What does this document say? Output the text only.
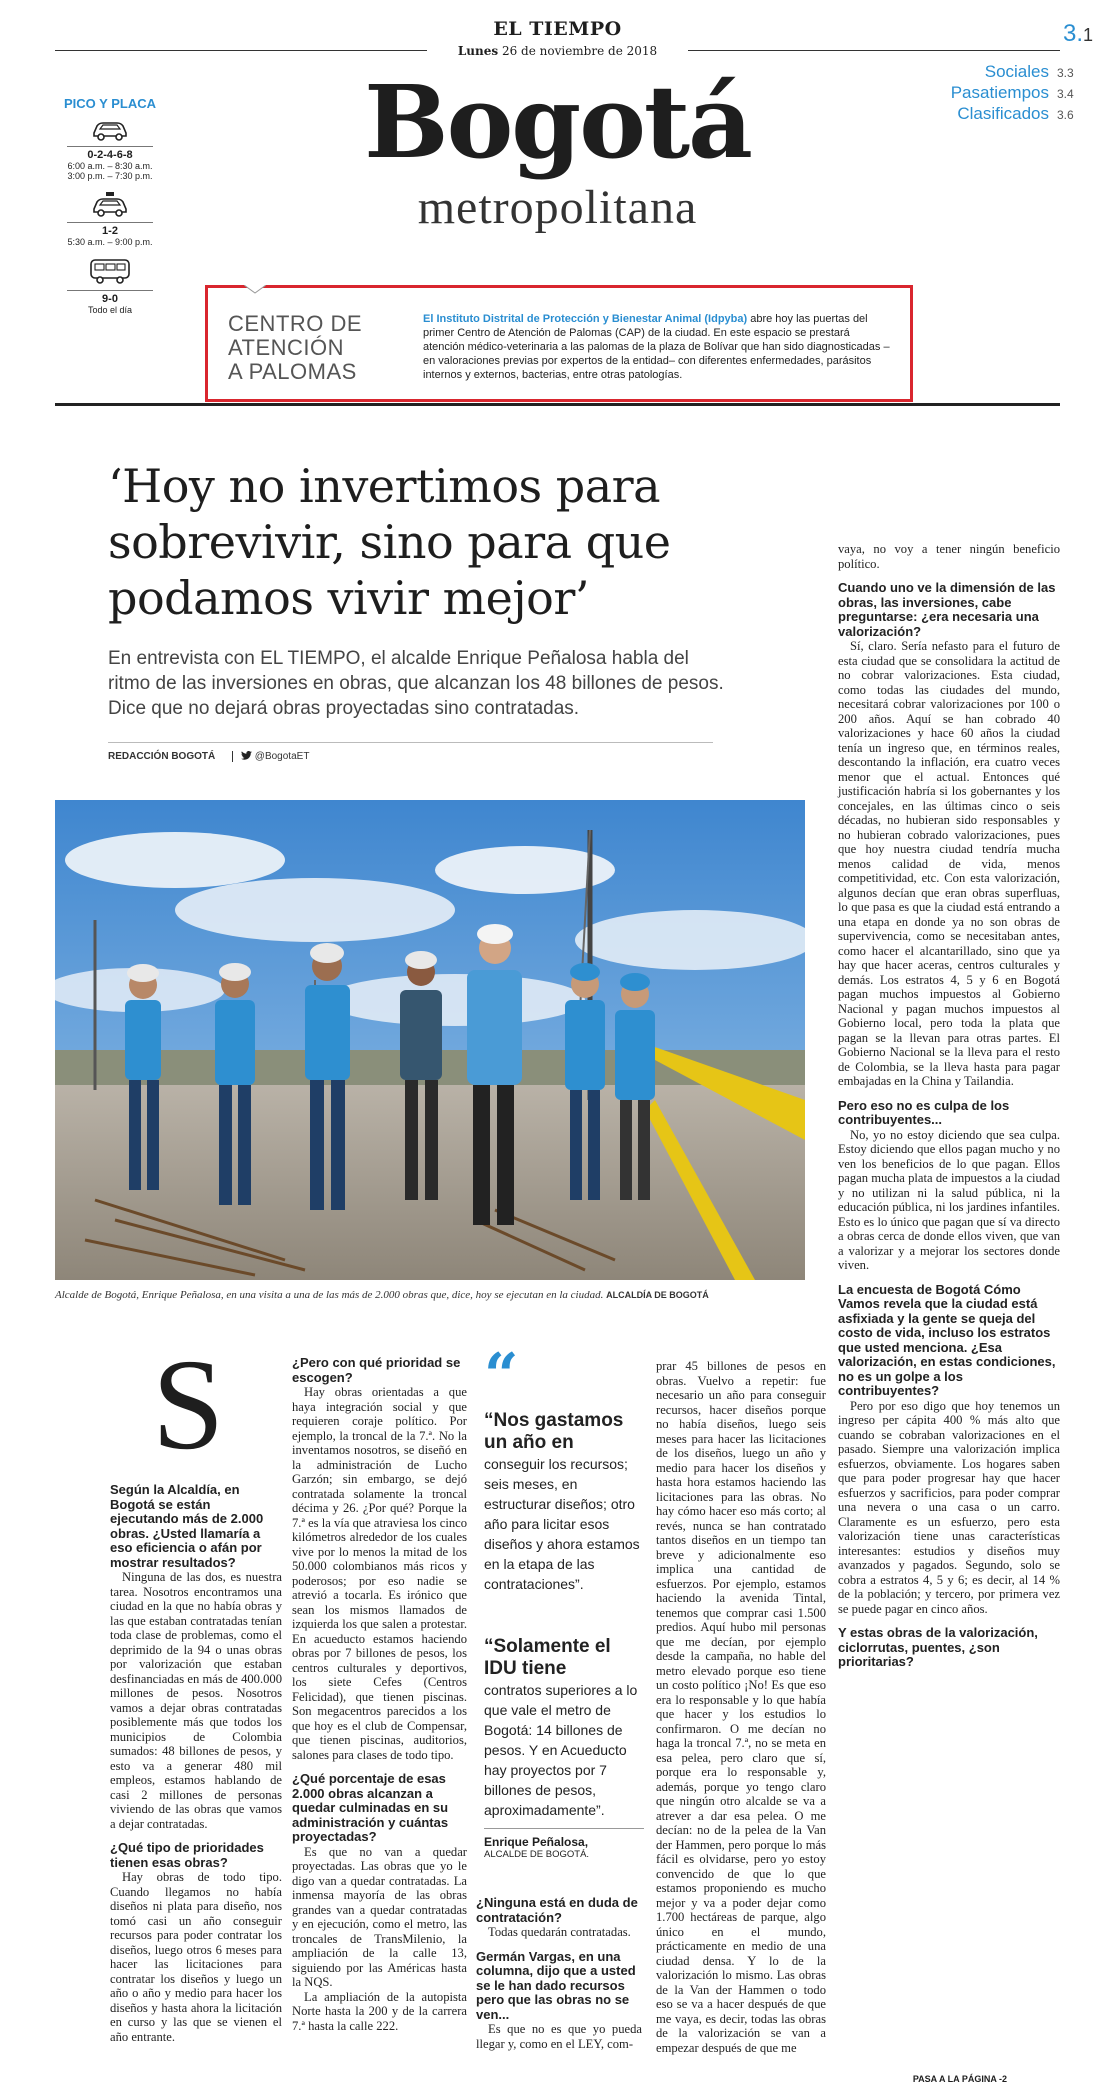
EL TIEMPO
Lunes 26 de noviembre de 2018
3.1
Sociales 3.3
Pasatiempos 3.4
Clasificados 3.6
Bogotá
metropolitana
PICO Y PLACA
0-2-4-6-8
6:00 a.m. – 8:30 a.m.
3:00 p.m. – 7:30 p.m.
1-2
5:30 a.m. – 9:00 p.m.
9-0
Todo el día
CENTRO DE
ATENCIÓN
A PALOMAS
El Instituto Distrital de Protección y Bienestar Animal (Idpyba) abre hoy las puertas del primer Centro de Atención de Palomas (CAP) de la ciudad. En este espacio se prestará atención médico-veterinaria a las palomas de la plaza de Bolívar que han sido diagnosticadas –en valoraciones previas por expertos de la entidad– con diferentes enfermedades, parásitos internos y externos, bacterias, entre otras patologías.
‘Hoy no invertimos para sobrevivir, sino para que podamos vivir mejor’
En entrevista con EL TIEMPO, el alcalde Enrique Peñalosa habla del ritmo de las inversiones en obras, que alcanzan los 48 billones de pesos. Dice que no dejará obras proyectadas sino contratadas.
REDACCIÓN BOGOTÁ	@BogotaET
Alcalde de Bogotá, Enrique Peñalosa, en una visita a una de las más de 2.000 obras que, dice, hoy se ejecutan en la ciudad. ALCALDÍA DE BOGOTÁ
vaya, no voy a tener ningún beneficio político.
Cuando uno ve la dimensión de las obras, las inversiones, cabe preguntarse: ¿era necesaria una valorización?

Sí, claro. Sería nefasto para el futuro de esta ciudad que se consolidara la actitud de no cobrar valorizaciones. Esta ciudad, como todas las ciudades del mundo, necesitará cobrar valorizaciones por 100 o 200 años. Aquí se han cobrado 40 valorizaciones y hace 60 años la ciudad tenía un ingreso que, en términos reales, descontando la inflación, era cuatro veces menor que el actual. Entonces qué justificación habría si los gobernantes y los concejales, en las últimas cinco o seis décadas, no hubieran sido responsables y no hubieran cobrado valorizaciones, pues que hoy nuestra ciudad tendría mucha menos calidad de vida, menos competitividad, etc. Con esta valorización, algunos decían que eran obras superfluas, lo que pasa es que la ciudad está entrando a una etapa en donde ya no son obras de supervivencia, como se necesitaban antes, como hacer el alcantarillado, sino que ya hay que hacer aceras, centros culturales y demás. Los estratos 4, 5 y 6 en Bogotá pagan muchos impuestos al Gobierno Nacional y pagan muchos impuestos al Gobierno local, pero toda la plata que pagan se la llevan para otras partes. El Gobierno Nacional se la lleva para el resto de Colombia, se la lleva hasta para pagar embajadas en la China y Tailandia.

Pero eso no es culpa de los contribuyentes...

No, yo no estoy diciendo que sea culpa. Estoy diciendo que ellos pagan mucho y no ven los beneficios de lo que pagan. Ellos pagan mucha plata de impuestos a la ciudad y no utilizan ni la salud pública, ni la educación pública, ni los jardines infantiles. Esto es lo único que pagan que sí va directo a obras cerca de donde ellos viven, que van a valorizar y a mejorar los sectores donde viven.

La encuesta de Bogotá Cómo Vamos revela que la ciudad está asfixiada y la gente se queja del costo de vida, incluso los estratos que usted menciona. ¿Esa valorización, en estas condiciones, no es un golpe a los contribuyentes?

Pero por eso digo que hoy tenemos un ingreso per cápita 400 % más alto que cuando se cobraban valorizaciones en el pasado. Siempre una valorización implica esfuerzos, obviamente. Los hogares saben que para poder progresar hay que hacer esfuerzos y sacrificios, para poder comprar una nevera o una casa o un carro. Claramente es un esfuerzo, pero esta valorización tiene unas características interesantes: estudios y diseños muy avanzados y pagados. Segundo, solo se cobra a estratos 4, 5 y 6; es decir, al 14 % de la población; y tercero, por primera vez se puede pagar en cinco años.

Y estas obras de la valorización, ciclorrutas, puentes, ¿son prioritarias?
S
Según la Alcaldía, en Bogotá se están ejecutando más de 2.000 obras. ¿Usted llamaría a eso eficiencia o afán por mostrar resultados?

Ninguna de las dos, es nuestra tarea. Nosotros encontramos una ciudad en la que no había obras y las que estaban contratadas tenían toda clase de problemas, como el deprimido de la 94 o unas obras por valorización que estaban desfinanciadas en más de 400.000 millones de pesos. Nosotros vamos a dejar obras contratadas posiblemente más que todos los municipios de Colombia sumados: 48 billones de pesos, y esto va a generar 480 mil empleos, estamos hablando de casi 2 millones de personas viviendo de las obras que vamos a dejar contratadas.

¿Qué tipo de prioridades tienen esas obras?

Hay obras de todo tipo. Cuando llegamos no había diseños ni plata para diseño, nos tomó casi un año conseguir recursos para poder contratar los diseños, luego otros 6 meses para hacer las licitaciones para contratar los diseños y luego un año o año y medio para hacer los diseños y hasta ahora la licitación en curso y las que se vienen el año entrante.

¿Pero con qué prioridad se escogen?

Hay obras orientadas a que haya integración social y que requieren coraje político. Por ejemplo, la troncal de la 7.ª. No la inventamos nosotros, se diseñó en la administración de Lucho Garzón; sin embargo, se dejó contratada solamente la troncal décima y 26. ¿Por qué? Porque la 7.ª es la vía que atraviesa los cinco kilómetros alrededor de los cuales vive por lo menos la mitad de los 50.000 colombianos más ricos y poderosos; por eso nadie se atrevió a tocarla. Es irónico que sean los mismos llamados de izquierda los que salen a protestar. En acueducto estamos haciendo obras por 7 billones de pesos, los centros culturales y deportivos, los siete Cefes (Centros Felicidad), que tienen piscinas. Son megacentros parecidos a los que hoy es el club de Compensar, que tienen piscinas, auditorios, salones para clases de todo tipo.

¿Qué porcentaje de esas 2.000 obras alcanzan a quedar culminadas en su administración y cuántas proyectadas?

Es que no van a quedar proyectadas. Las obras que yo le digo van a quedar contratadas. La inmensa mayoría de las obras grandes van a quedar contratadas y en ejecución, como el metro, las troncales de TransMilenio, la ampliación de la calle 13, siguiendo por las Américas hasta la NQS.

La ampliación de la autopista Norte hasta la 200 y de la carrera 7.ª hasta la calle 222.

“
“Nos gastamos un año en
conseguir los recursos; seis meses, en estructurar diseños; otro año para licitar esos diseños y ahora estamos en la etapa de las contrataciones”.
“Solamente el IDU tiene
contratos superiores a lo que vale el metro de Bogotá: 14 billones de pesos. Y en Acueducto hay proyectos por 7 billones de pesos, aproximadamente”.
Enrique Peñalosa,
ALCALDE DE BOGOTÁ.
¿Ninguna está en duda de contratación?

Todas quedarán contratadas.

Germán Vargas, en una columna, dijo que a usted se le han dado recursos pero que las obras no se ven...

Es que no es que yo pueda llegar y, como en el LEY, com-

prar 45 billones de pesos en obras. Vuelvo a repetir: fue necesario un año para conseguir recursos, hacer diseños porque no había diseños, luego seis meses para hacer las licitaciones de los diseños, luego un año y medio para hacer los diseños y hasta hora estamos haciendo las licitaciones para las obras. No hay cómo hacer eso más corto; al revés, nunca se han contratado tantos diseños en un tiempo tan breve y adicionalmente eso implica una cantidad de esfuerzos. Por ejemplo, estamos haciendo la avenida Tintal, tenemos que comprar casi 1.500 predios. Aquí hubo mil personas que me decían, por ejemplo desde la campaña, no hable del metro elevado porque eso tiene un costo político ¡No! Es que eso era lo responsable y lo que había que hacer y los estudios lo confirmaron. O me decían no haga la troncal 7.ª, no se meta en esa pelea, pero claro que sí, porque era lo responsable y, además, porque yo tengo claro que ningún otro alcalde se va a atrever a dar esa pelea. O me decían: no de la pelea de la Van der Hammen, pero porque lo más fácil es olvidarse, pero yo estoy convencido de que lo que estamos proponiendo es mucho mejor y va a poder dejar como 1.700 hectáreas de parque, algo único en el mundo, prácticamente en medio de una ciudad densa. Y lo de la valorización lo mismo. Las obras de la Van der Hammen o todo eso se va a hacer después de que me vaya, es decir, todas las obras de la valorización se van a empezar después de que me
PASA A LA PÁGINA -2
